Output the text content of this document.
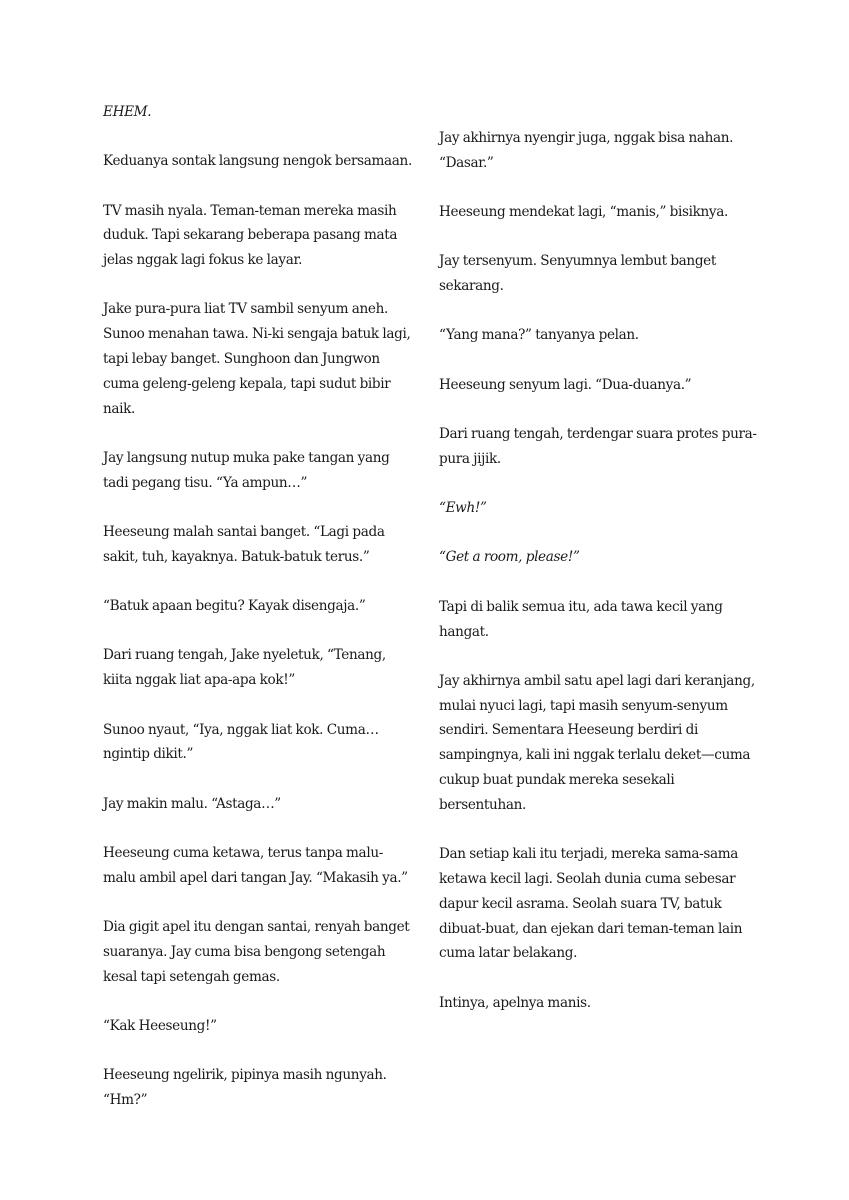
EHEM.

Keduanya sontak langsung nengok bersamaan.

TV masih nyala. Teman-teman mereka masih duduk. Tapi sekarang beberapa pasang mata jelas nggak lagi fokus ke layar.

Jake pura-pura liat TV sambil senyum aneh. Sunoo menahan tawa. Ni-ki sengaja batuk lagi, tapi lebay banget. Sunghoon dan Jungwon cuma geleng-geleng kepala, tapi sudut bibir naik.

Jay langsung nutup muka pake tangan yang tadi pegang tisu. “Ya ampun…”

Heeseung malah santai banget. “Lagi pada sakit, tuh, kayaknya. Batuk-batuk terus.”

“Batuk apaan begitu? Kayak disengaja.”

Dari ruang tengah, Jake nyeletuk, “Tenang, kiita nggak liat apa-apa kok!”

Sunoo nyaut, “Iya, nggak liat kok. Cuma… ngintip dikit.”

Jay makin malu. “Astaga…”

Heeseung cuma ketawa, terus tanpa malu-malu ambil apel dari tangan Jay. “Makasih ya.”

Dia gigit apel itu dengan santai, renyah banget suaranya. Jay cuma bisa bengong setengah kesal tapi setengah gemas.

“Kak Heeseung!”

Heeseung ngelirik, pipinya masih ngunyah. “Hm?”

Jay akhirnya nyengir juga, nggak bisa nahan. “Dasar.”

Heeseung mendekat lagi, “manis,” bisiknya.

Jay tersenyum. Senyumnya lembut banget sekarang.

“Yang mana?” tanyanya pelan.

Heeseung senyum lagi. “Dua-duanya.”

Dari ruang tengah, terdengar suara protes pura-pura jijik.

“Ewh!”

“Get a room, please!”

Tapi di balik semua itu, ada tawa kecil yang hangat.

Jay akhirnya ambil satu apel lagi dari keranjang, mulai nyuci lagi, tapi masih senyum-senyum sendiri. Sementara Heeseung berdiri di sampingnya, kali ini nggak terlalu deket—cuma cukup buat pundak mereka sesekali bersentuhan.

Dan setiap kali itu terjadi, mereka sama-sama ketawa kecil lagi. Seolah dunia cuma sebesar dapur kecil asrama. Seolah suara TV, batuk dibuat-buat, dan ejekan dari teman-teman lain cuma latar belakang.

Intinya, apelnya manis.
